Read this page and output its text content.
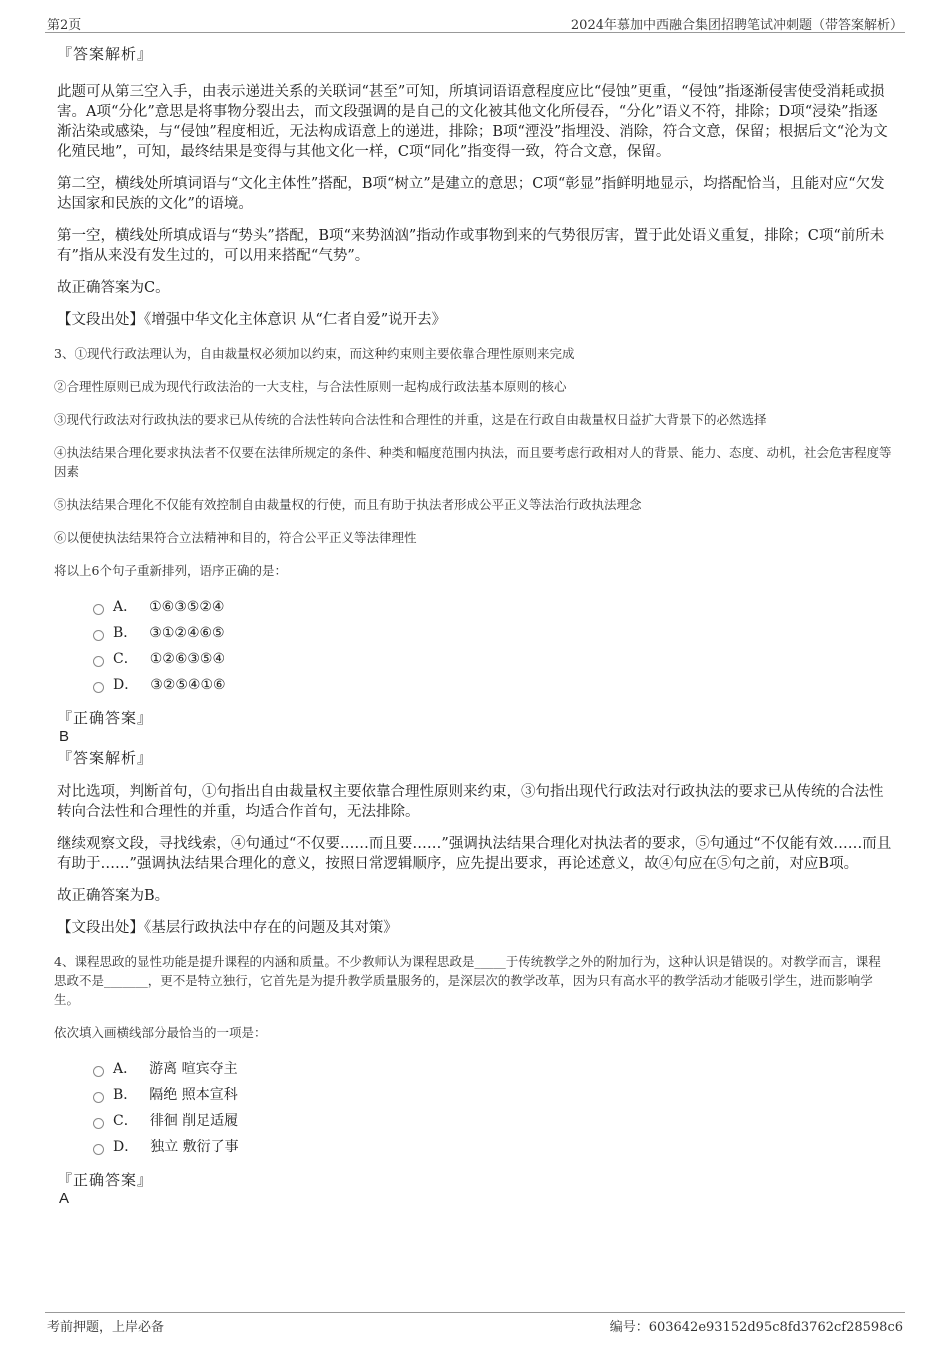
第2页	2024年慕加中西融合集团招聘笔试冲刺题（带答案解析）

『答案解析』

此题可从第三空入手，由表示递进关系的关联词“甚至”可知，所填词语语意程度应比“侵蚀”更重，“侵蚀”指逐渐侵害使受消耗或损害。A项“分化”意思是将事物分裂出去，而文段强调的是自己的文化被其他文化所侵吞，“分化”语义不符，排除；D项“浸染”指逐渐沾染或感染，与“侵蚀”程度相近，无法构成语意上的递进，排除；B项“湮没”指埋没、消除，符合文意，保留；根据后文“沦为文化殖民地”，可知，最终结果是变得与其他文化一样，C项“同化”指变得一致，符合文意，保留。

第二空，横线处所填词语与“文化主体性”搭配，B项“树立”是建立的意思；C项“彰显”指鲜明地显示，均搭配恰当，且能对应“欠发达国家和民族的文化”的语境。

第一空，横线处所填成语与“势头”搭配，B项“来势汹汹”指动作或事物到来的气势很厉害，置于此处语义重复，排除；C项“前所未有”指从来没有发生过的，可以用来搭配“气势”。

故正确答案为C。

【文段出处】《增强中华文化主体意识 从“仁者自爱”说开去》

3、①现代行政法理认为，自由裁量权必须加以约束，而这种约束则主要依靠合理性原则来完成

②合理性原则已成为现代行政法治的一大支柱，与合法性原则一起构成行政法基本原则的核心

③现代行政法对行政执法的要求已从传统的合法性转向合法性和合理性的并重，这是在行政自由裁量权日益扩大背景下的必然选择

④执法结果合理化要求执法者不仅要在法律所规定的条件、种类和幅度范围内执法，而且要考虑行政相对人的背景、能力、态度、动机，社会危害程度等因素

⑤执法结果合理化不仅能有效控制自由裁量权的行使，而且有助于执法者形成公平正义等法治行政执法理念

⑥以便使执法结果符合立法精神和目的，符合公平正义等法律理性

将以上6个句子重新排列，语序正确的是：

A． ①⑥③⑤②④
B． ③①②④⑥⑤
C． ①②⑥③⑤④
D． ③②⑤④①⑥

『正确答案』

B

『答案解析』

对比选项，判断首句，①句指出自由裁量权主要依靠合理性原则来约束，③句指出现代行政法对行政执法的要求已从传统的合法性转向合法性和合理性的并重，均适合作首句，无法排除。

继续观察文段，寻找线索，④句通过“不仅要……而且要……”强调执法结果合理化对执法者的要求，⑤句通过“不仅能有效……而且有助于……”强调执法结果合理化的意义，按照日常逻辑顺序，应先提出要求，再论述意义，故④句应在⑤句之前，对应B项。

故正确答案为B。

【文段出处】《基层行政执法中存在的问题及其对策》

4、课程思政的显性功能是提升课程的内涵和质量。不少教师认为课程思政是_____于传统教学之外的附加行为，这种认识是错误的。对教学而言，课程思政不是_______，更不是特立独行，它首先是为提升教学质量服务的，是深层次的教学改革，因为只有高水平的教学活动才能吸引学生，进而影响学生。

依次填入画横线部分最恰当的一项是：

A． 游离 喧宾夺主
B． 隔绝 照本宣科
C． 徘徊 削足适履
D． 独立 敷衍了事

『正确答案』

A

考前押题，上岸必备	编号：603642e93152d95c8fd3762cf28598c6
